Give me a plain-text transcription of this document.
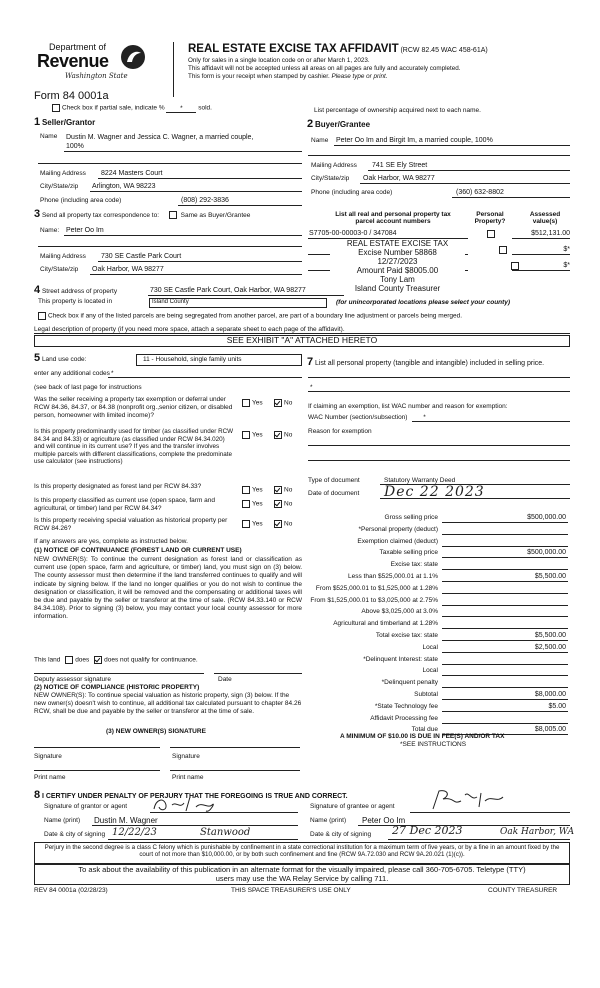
Department of
Revenue
Washington State
Form 84 0001a
REAL ESTATE EXCISE TAX AFFIDAVIT (RCW 82.45 WAC 458-61A)
Only for sales in a single location code on or after March 1, 2023.
This affidavit will not be accepted unless all areas on all pages are fully and accurately completed.
This form is your receipt when stamped by cashier. Please type or print.
Check box if partial sale, indicate % * sold.	List percentage of ownership acquired next to each name.
1 Seller/Grantor
Name Dustin M. Wagner and Jessica C. Wagner, a married couple,
100%
Mailing Address 8224 Masters Court
City/State/zip Arlington, WA 98223
Phone (including area code)	(808) 292-3836
2 Buyer/Grantee
Name Peter Oo Im and Birgit Im, a married couple, 100%
Mailing Address 741 SE Ely Street
City/State/zip Oak Harbor, WA 98277
Phone (including area code)	(360) 632-8802
3 Send all property tax correspondence to:	Same as Buyer/Grantee
Name: Peter Oo Im
Mailing Address 730 SE Castle Park Court
City/State/zip Oak Harbor, WA 98277
List all real and personal property tax
parcel account numbers
Personal
Property?
Assessed
value(s)
S7705-00-00003-0 / 347084
	$512,131.00

$*
$*
REAL ESTATE EXCISE TAX
Excise Number 58868
12/27/2023
Amount Paid $8005.00
Tony Lam
Island County Treasurer
4 Street address of property	730 SE Castle Park Court, Oak Harbor, WA 98277
This property is located in	Island County	(for unincorporated locations please select your county)
Check box if any of the listed parcels are being segregated from another parcel, are part of a boundary line adjustment or parcels being merged.
Legal description of property (if you need more space, attach a separate sheet to each page of the affidavit).
SEE EXHIBIT "A" ATTACHED HERETO
5 Land use code:	11 - Household, single family units
enter any additional codes *
(see back of last page for instructions
Was the seller receiving a property tax exemption or deferral under RCW 84.36, 84.37, or 84.38 (nonprofit org.,senior citizen, or disabled person, homeowner with limited income)?
Yes	No
Is this property predominantly used for timber (as classified under RCW 84.34 and 84.33) or agriculture (as classified under RCW 84.34.020) and will continue in its current use? If yes and the transfer involves multiple parcels with different classifications, complete the predominate use calculator (see instructions)
Yes	No
Is this property designated as forest land per RCW 84.33?
Yes	No
Is this property classified as current use (open space, farm and agricultural, or timber) land per RCW 84.34?
Yes	No
Is this property receiving special valuation as historical property per RCW 84.26?
Yes	No
If any answers are yes, complete as instructed below.
(1) NOTICE OF CONTINUANCE (FOREST LAND OR CURRENT USE)
NEW OWNER(S): To continue the current designation as forest land or classification as current use (open space, farm and agriculture, or timber) land, you must sign on (3) below. The county assessor must then determine if the land transferred continues to qualify and will indicate by signing below. If the land no longer qualifies or you do not wish to continue the designation or classification, it will be removed and the compensating or additional taxes will be due and payable by the seller or transferor at the time of sale. (RCW 84.33.140 or RCW 84.34.108). Prior to signing (3) below, you may contact your local county assessor for more information.
This land does does not qualify for continuance.
Deputy assessor signature	Date
(2) NOTICE OF COMPLIANCE (HISTORIC PROPERTY)
NEW OWNER(S): To continue special valuation as historic property, sign (3) below. If the new owner(s) doesn't wish to continue, all additional tax calculated pursuant to chapter 84.26 RCW, shall be due and payable by the seller or transferor at the time of sale.
(3) NEW OWNER(S) SIGNATURE
Signature	Signature
Print name	Print name
7 List all personal property (tangible and intangible) included in selling price.
*
If claiming an exemption, list WAC number and reason for exemption:
WAC Number (section/subsection) *
Reason for exemption
Type of document	Statutory Warranty Deed
Date of document Dec 22 2023
Gross selling price	$500,000.00
*Personal property (deduct)
Exemption claimed (deduct)
Taxable selling price	$500,000.00
Excise tax: state
Less than $525,000.01 at 1.1%	$5,500.00
From $525,000.01 to $1,525,000 at 1.28%
From $1,525,000.01 to $3,025,000 at 2.75%
Above $3,025,000 at 3.0%
Agricultural and timberland at 1.28%
Total excise tax: state	$5,500.00
Local	$2,500.00
*Delinquent Interest: state
Local
*Delinquent penalty
Subtotal	$8,000.00
*State Technology fee	$5.00
Affidavit Processing fee
Total due	$8,005.00
A MINIMUM OF $10.00 IS DUE IN FEE(S) AND/OR TAX
*SEE INSTRUCTIONS
8 I CERTIFY UNDER PENALTY OF PERJURY THAT THE FOREGOING IS TRUE AND CORRECT.
Signature of grantor or agent	Signature of grantee or agent
Name (print) Dustin M. Wagner	Name (print) Peter Oo Im
Date & city of signing 12/22/23	Stanwood	Date & city of signing 27 Dec 2023	Oak Harbor, WA
Perjury in the second degree is a class C felony which is punishable by confinement in a state correctional institution for a maximum term of five years, or by a fine in an amount fixed by the court of not more than $10,000.00, or by both such confinement and fine (RCW 9A.72.030 and RCW 9A.20.021 (1)(c)).
To ask about the availability of this publication in an alternate format for the visually impaired, please call 360-705-6705. Teletype (TTY) users may use the WA Relay Service by calling 711.
REV 84 0001a (02/28/23)	THIS SPACE TREASURER'S USE ONLY	COUNTY TREASURER
